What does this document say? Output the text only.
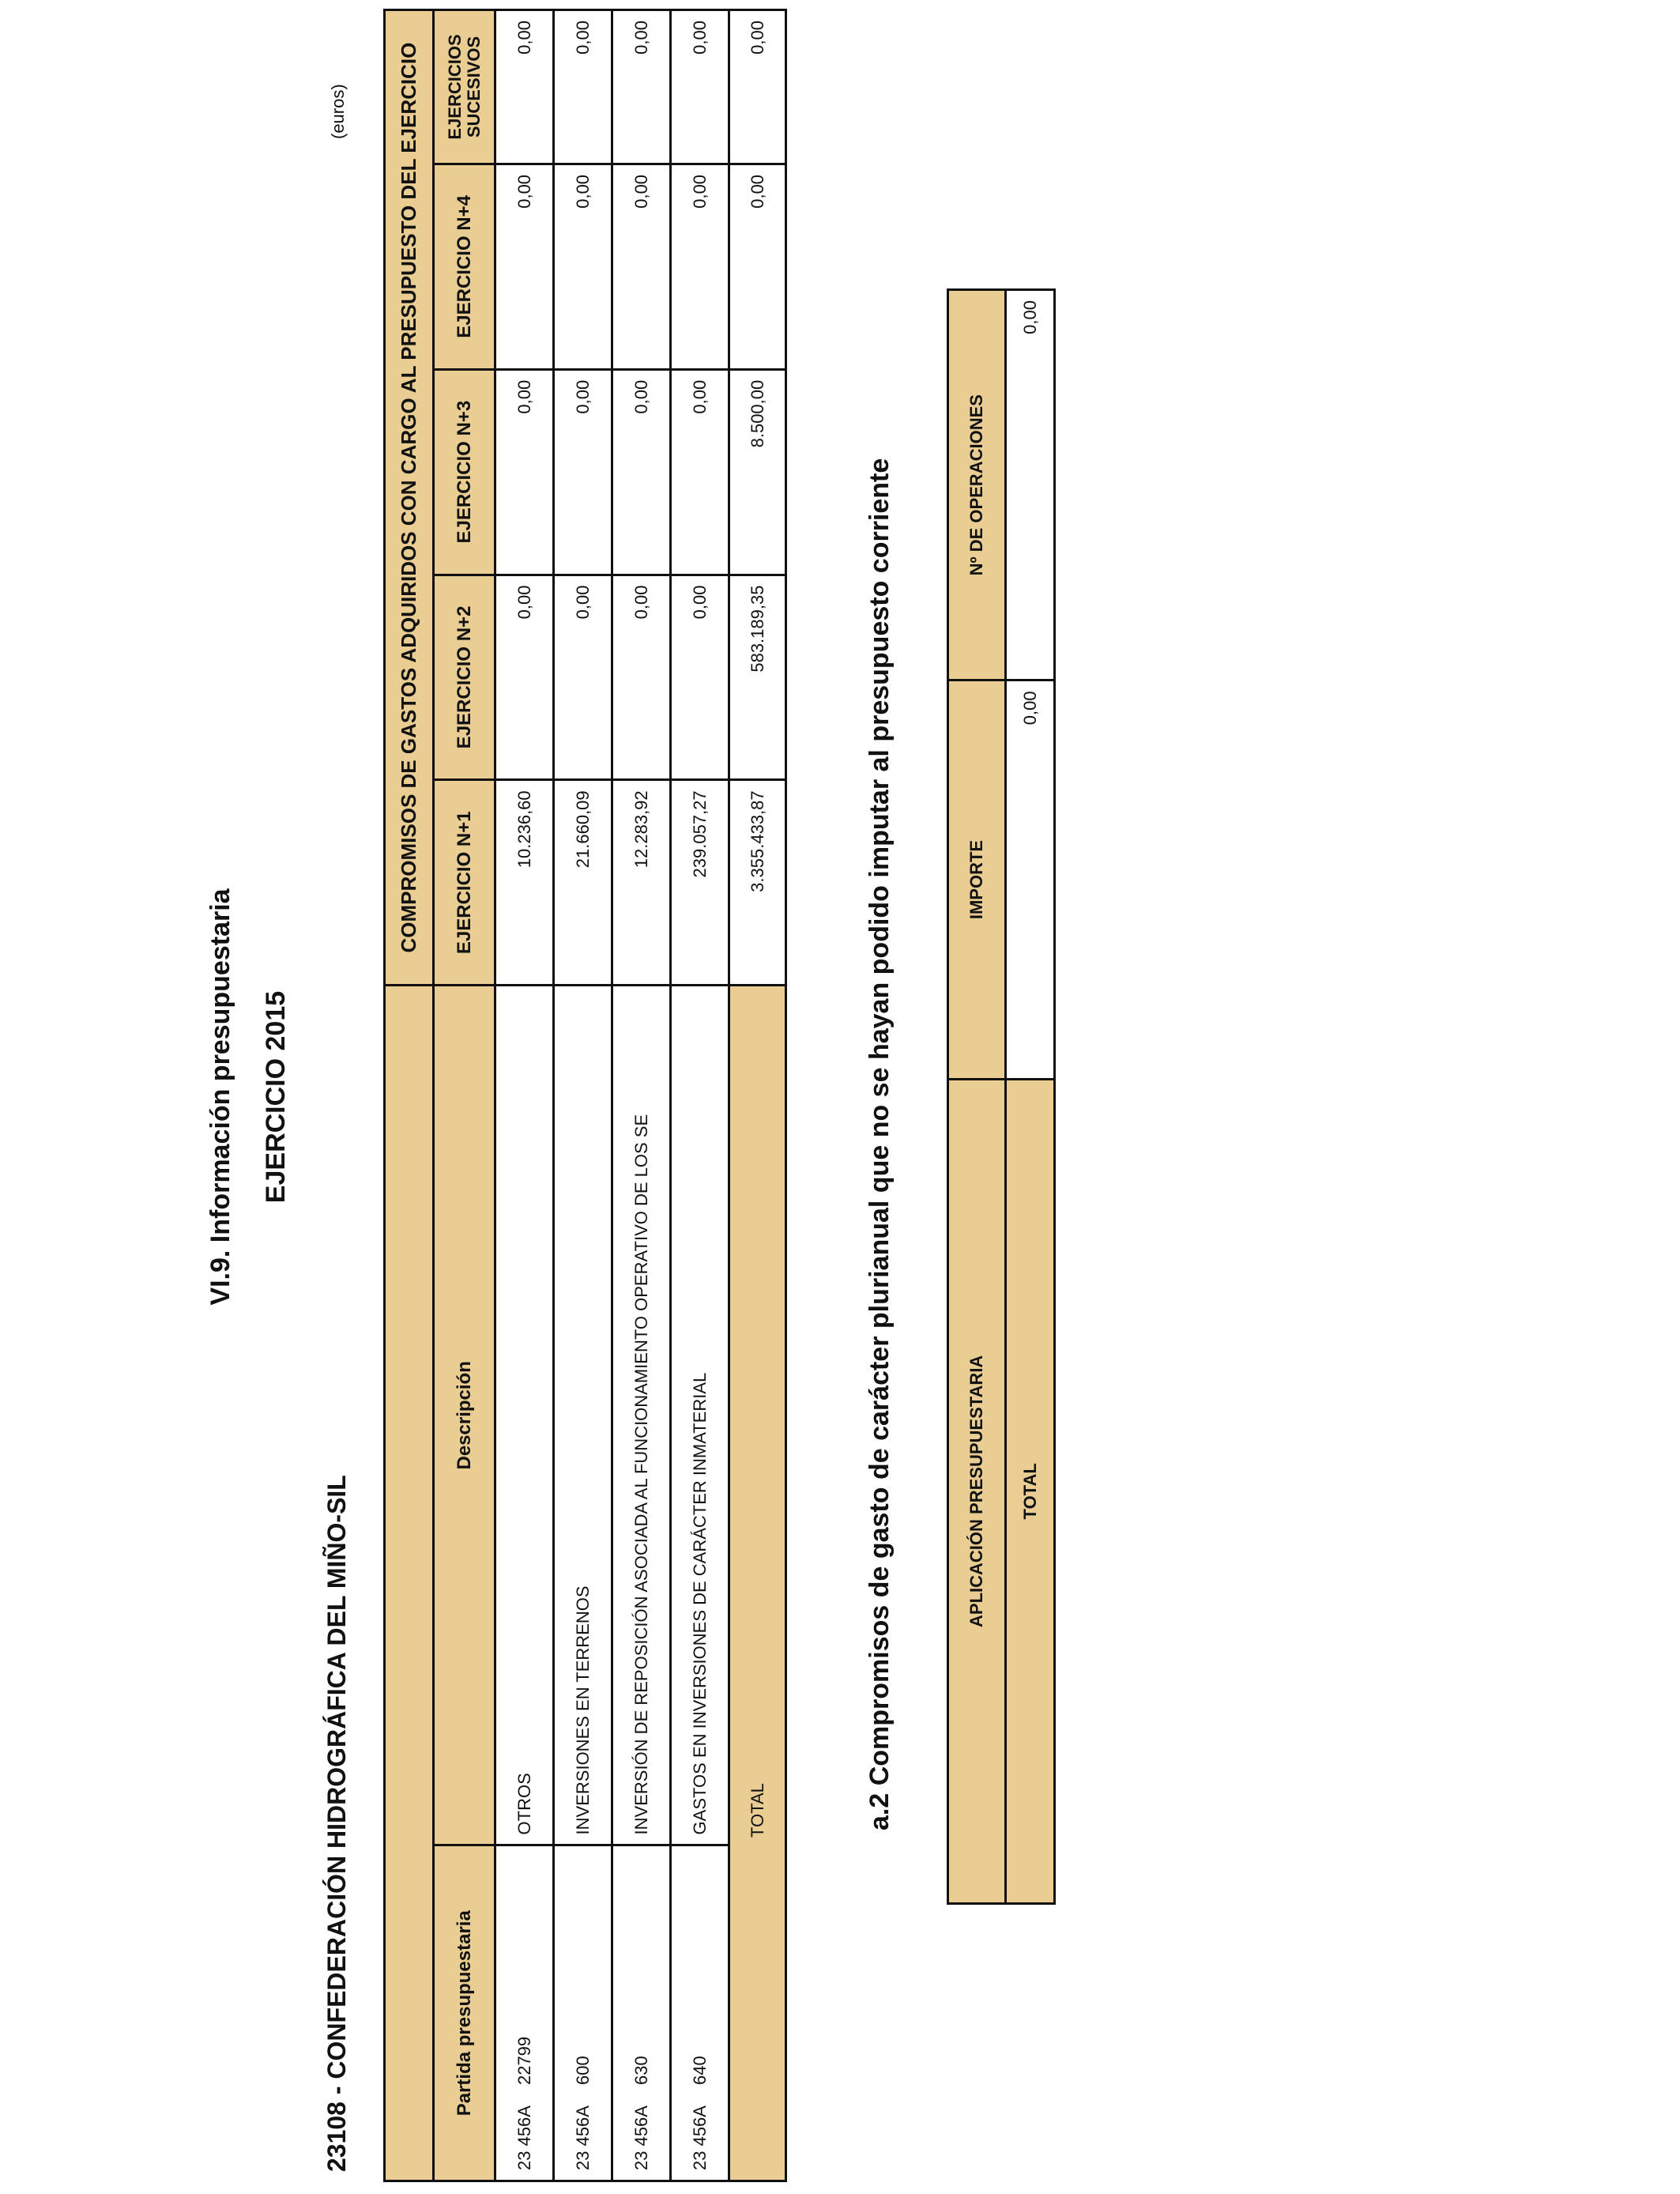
VI.9. Información presupuestaria EJERCICIO 2015
23108 - CONFEDERACIÓN HIDROGRÁFICA DEL MIÑO-SIL
(euros)
		COMPROMISOS DE GASTOS ADQUIRIDOS CON CARGO AL PRESUPUESTO DEL EJERCICIO				
Partida presupuestaria	Descripción	EJERCICIO N+1	EJERCICIO N+2	EJERCICIO N+3	EJERCICIO N+4	EJERCICIOS SUCESIVOS
23 456A22799	OTROS	10.236,60	0,00	0,00	0,00	0,00
23 456A600	INVERSIONES EN TERRENOS	21.660,09	0,00	0,00	0,00	0,00
23 456A630	INVERSIÓN DE REPOSICIÓN ASOCIADA AL FUNCIONAMIENTO OPERATIVO DE LOS SE	12.283,92	0,00	0,00	0,00	0,00
23 456A640	GASTOS EN INVERSIONES DE CARÁCTER INMATERIAL	239.057,27	0,00	0,00	0,00	0,00
	TOTAL	3.355.433,87	583.189,35	8.500,00	0,00	0,00
a.2 Compromisos de gasto de carácter plurianual que no se hayan podido imputar al presupuesto corriente	APLICACIÓN PRESUPUESTARIA	IMPORTE	Nº DE OPERACIONES
TOTAL	0,00	0,00
